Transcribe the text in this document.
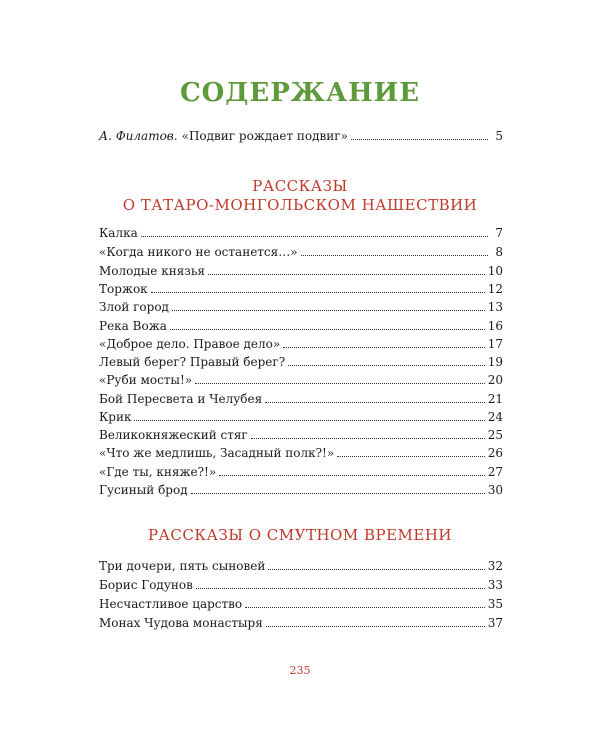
СОДЕРЖАНИЕ
А. Филатов. «Подвиг рождает подвиг»	5
РАССКАЗЫ
О ТАТАРО-МОНГОЛЬСКОМ НАШЕСТВИИ
Калка	7
«Когда никого не останется…»	8
Молодые князья	10
Торжок	12
Злой город	13
Река Вожа	16
«Доброе дело. Правое дело»	17
Левый берег? Правый берег?	19
«Руби мосты!»	20
Бой Пересвета и Челубея	21
Крик	24
Великокняжеский стяг	25
«Что же медлишь, Засадный полк?!»	26
«Где ты, княже?!»	27
Гусиный брод	30
РАССКАЗЫ О СМУТНОМ ВРЕМЕНИ
Три дочери, пять сыновей	32
Борис Годунов	33
Несчастливое царство	35
Монах Чудова монастыря	37
235
